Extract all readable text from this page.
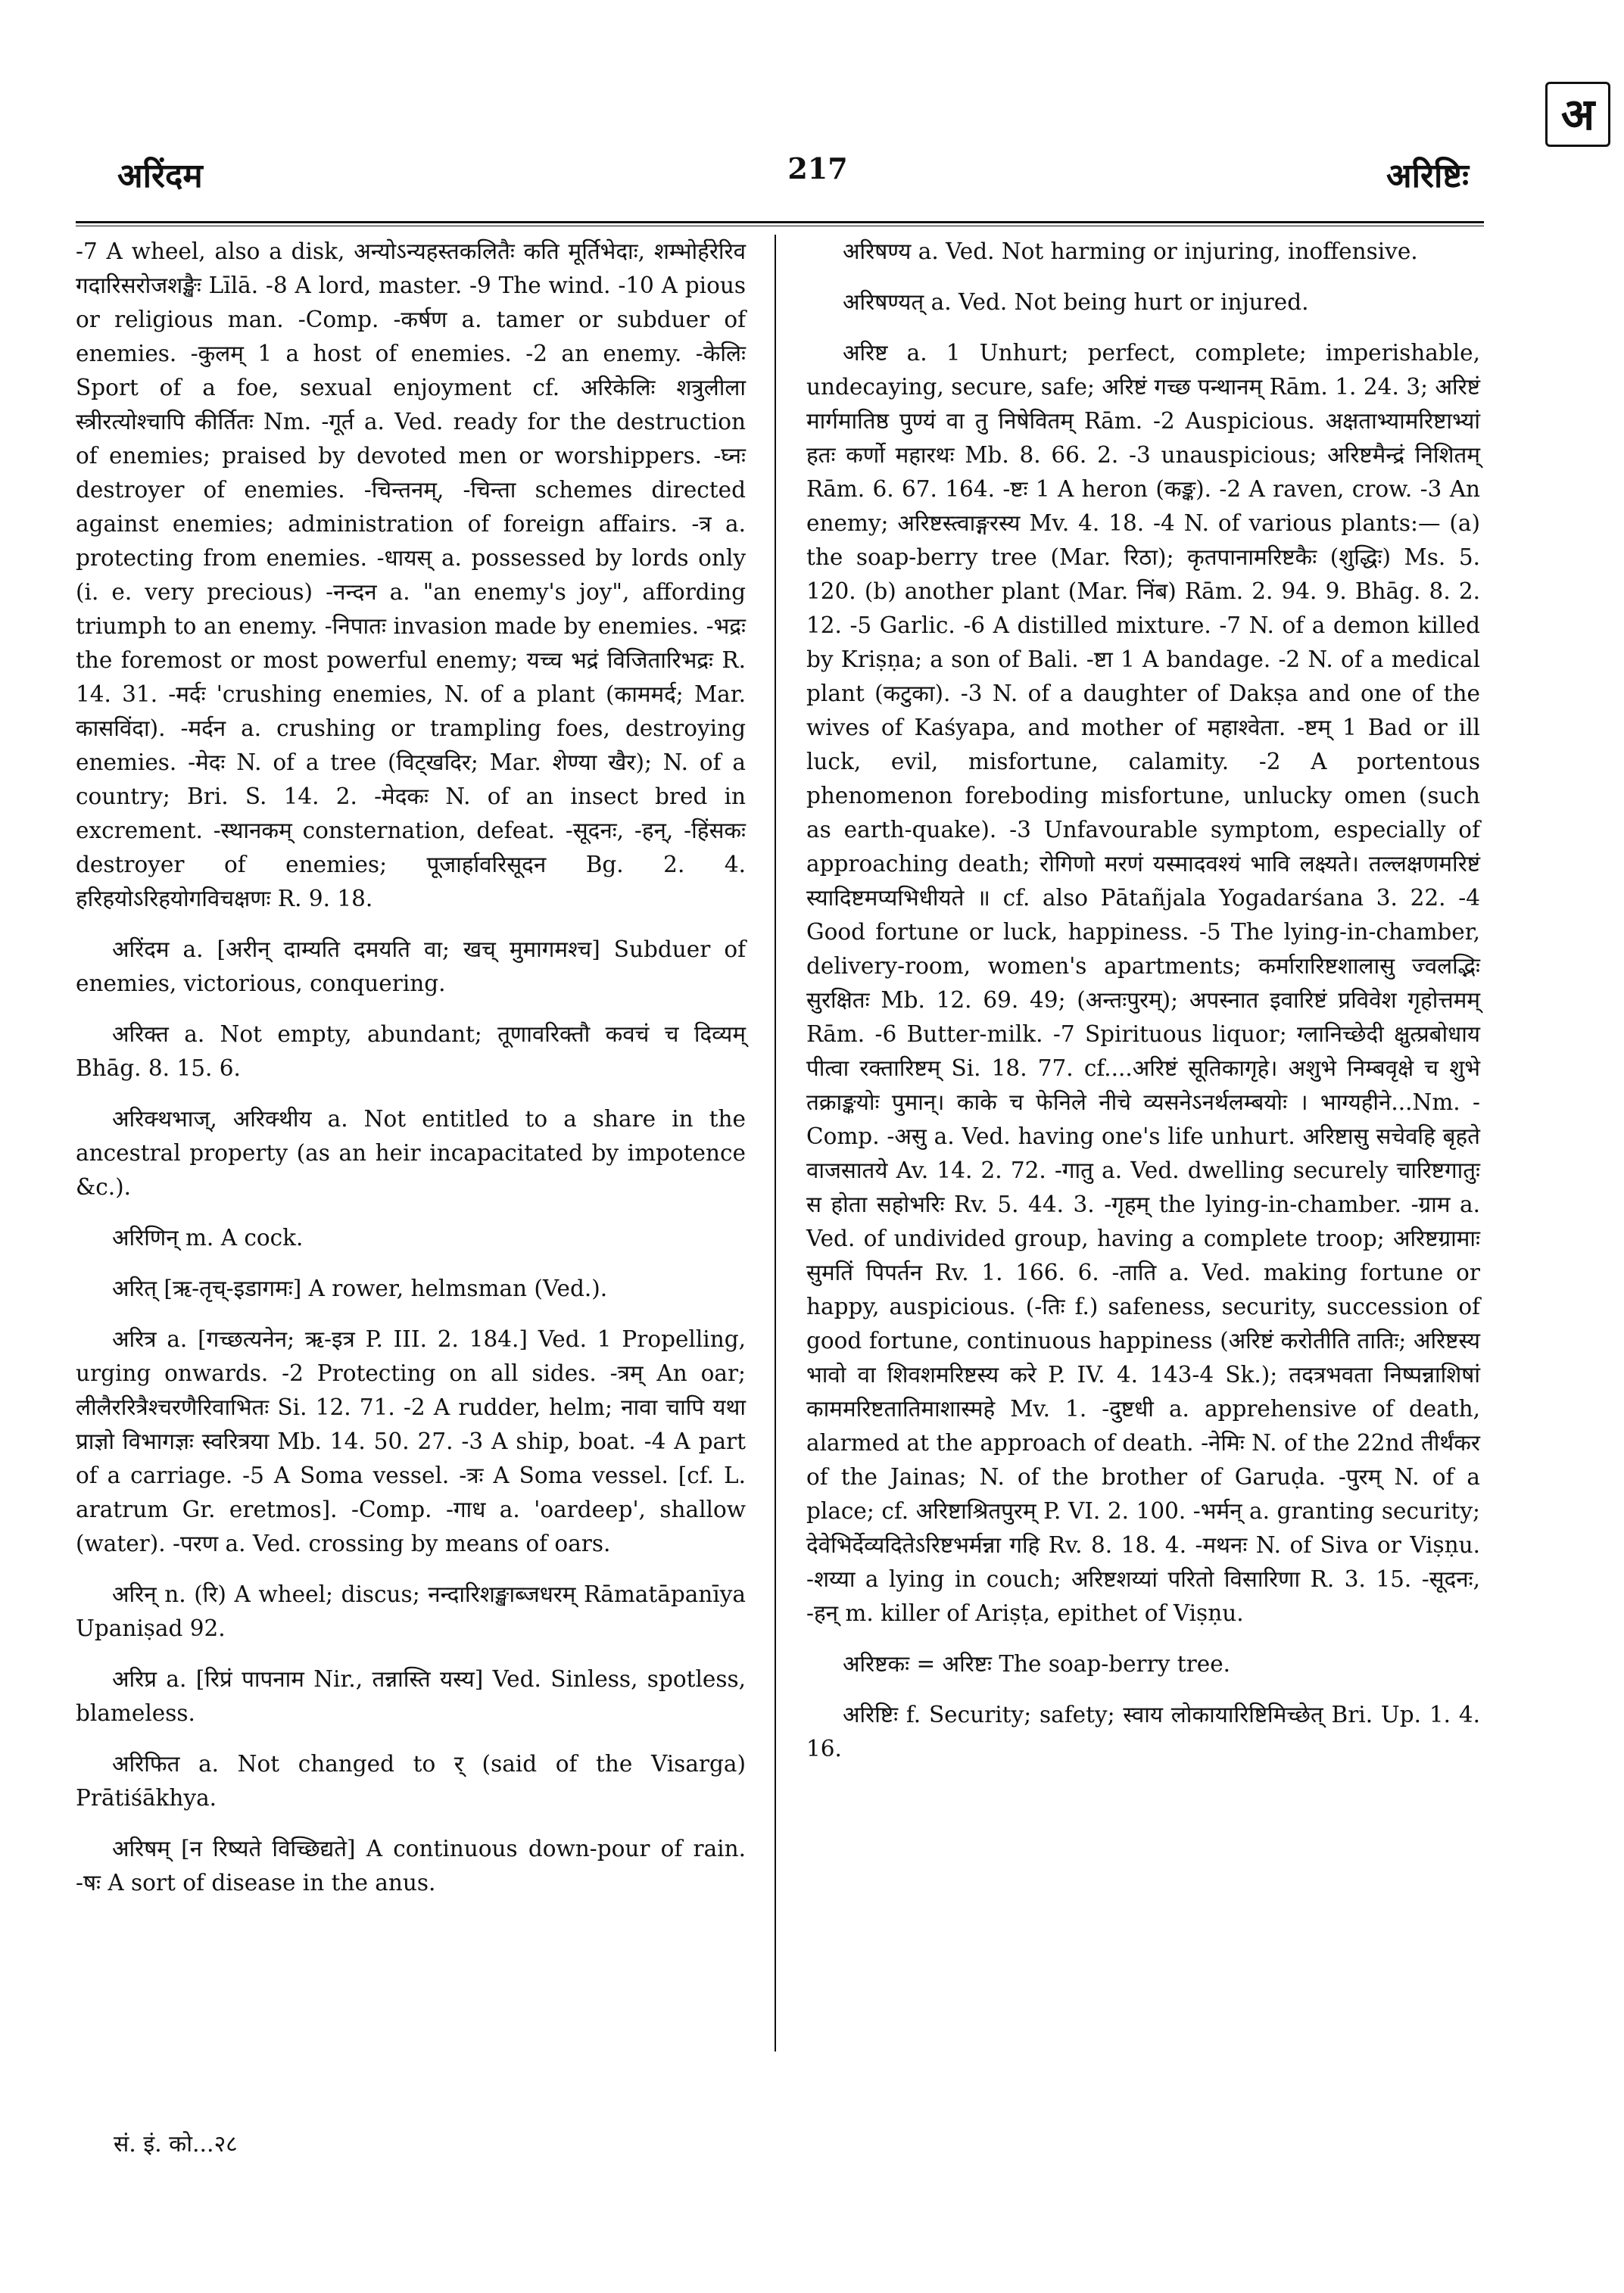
अ
अरिंदम	217	अरिष्टिः

-7 A wheel, also a disk, अन्योऽन्यहस्तकलितैः कति मूर्तिभेदाः, शम्भोर्हरेरिव गदारिसरोजशङ्खैः Līlā. -8 A lord, master. -9 The wind. -10 A pious or religious man. -Comp. -कर्षण a. tamer or subduer of enemies. -कुलम् 1 a host of enemies. -2 an enemy. -केलिः Sport of a foe, sexual enjoyment cf. अरिकेलिः शत्रुलीला स्त्रीरत्योश्चापि कीर्तितः Nm. -गूर्त a. Ved. ready for the destruction of enemies; praised by devoted men or worshippers. -घ्नः destroyer of enemies. -चिन्तनम्, -चिन्ता schemes directed against enemies; administration of foreign affairs. -त्र a. protecting from enemies. -धायस् a. possessed by lords only (i. e. very precious) -नन्दन a. "an enemy's joy", affording triumph to an enemy. -निपातः invasion made by enemies. -भद्रः the foremost or most powerful enemy; यच्च भद्रं विजितारिभद्रः R. 14. 31. -मर्दः 'crushing enemies, N. of a plant (काममर्द; Mar. कासविंदा). -मर्दन a. crushing or trampling foes, destroying enemies. -मेदः N. of a tree (विट्खदिर; Mar. शेण्या खैर); N. of a country; Bri. S. 14. 2. -मेदकः N. of an insect bred in excrement. -स्थानकम् consternation, defeat. -सूदनः, -हन्, -हिंसकः destroyer of enemies; पूजार्हावरिसूदन Bg. 2. 4. हरिहयोऽरिहयोगविचक्षणः R. 9. 18.

अरिंदम a. [अरीन् दाम्यति दमयति वा; खच् मुमागमश्च] Subduer of enemies, victorious, conquering.

अरिक्त a. Not empty, abundant; तूणावरिक्तौ कवचं च दिव्यम् Bhāg. 8. 15. 6.

अरिक्थभाज्, अरिक्थीय a. Not entitled to a share in the ancestral property (as an heir incapacitated by impotence &c.).

अरिणिन् m. A cock.

अरित् [ऋ-तृच्-इडागमः] A rower, helmsman (Ved.).

अरित्र a. [गच्छत्यनेन; ऋ-इत्र P. III. 2. 184.] Ved. 1 Propelling, urging onwards. -2 Protecting on all sides. -त्रम् An oar; लीलैररित्रैश्चरणैरिवाभितः Si. 12. 71. -2 A rudder, helm; नावा चापि यथा प्राज्ञो विभागज्ञः स्वरित्रया Mb. 14. 50. 27. -3 A ship, boat. -4 A part of a carriage. -5 A Soma vessel. -त्रः A Soma vessel. [cf. L. aratrum Gr. eretmos]. -Comp. -गाध a. 'oardeep', shallow (water). -परण a. Ved. crossing by means of oars.

अरिन् n. (रि) A wheel; discus; नन्दारिशङ्खाब्जधरम् Rāmatāpanīya Upaniṣad 92.

अरिप्र a. [रिप्रं पापनाम Nir., तन्नास्ति यस्य] Ved. Sinless, spotless, blameless.

अरिफित a. Not changed to र् (said of the Visarga) Prātiśākhya.

अरिषम् [न रिष्यते विच्छिद्यते] A continuous down-pour of rain. -षः A sort of disease in the anus.

अरिषण्य a. Ved. Not harming or injuring, inoffensive.

अरिषण्यत् a. Ved. Not being hurt or injured.

अरिष्ट a. 1 Unhurt; perfect, complete; imperishable, undecaying, secure, safe; अरिष्टं गच्छ पन्थानम् Rām. 1. 24. 3; अरिष्टं मार्गमातिष्ठ पुण्यं वा तु निषेवितम् Rām. -2 Auspicious. अक्षताभ्यामरिष्टाभ्यां हतः कर्णो महारथः Mb. 8. 66. 2. -3 unauspicious; अरिष्टमैन्द्रं निशितम् Rām. 6. 67. 164. -ष्टः 1 A heron (कङ्क). -2 A raven, crow. -3 An enemy; अरिष्टस्त्वाङ्गरस्य Mv. 4. 18. -4 N. of various plants:— (a) the soap-berry tree (Mar. रिठा); कृतपानामरिष्टकैः (शुद्धिः) Ms. 5. 120. (b) another plant (Mar. निंब) Rām. 2. 94. 9. Bhāg. 8. 2. 12. -5 Garlic. -6 A distilled mixture. -7 N. of a demon killed by Kriṣṇa; a son of Bali. -ष्टा 1 A bandage. -2 N. of a medical plant (कटुका). -3 N. of a daughter of Dakṣa and one of the wives of Kaśyapa, and mother of महाश्वेता. -ष्टम् 1 Bad or ill luck, evil, misfortune, calamity. -2 A portentous phenomenon foreboding misfortune, unlucky omen (such as earth-quake). -3 Unfavourable symptom, especially of approaching death; रोगिणो मरणं यस्मादवश्यं भावि लक्ष्यते। तल्लक्षणमरिष्टं स्यादिष्टमप्यभिधीयते ॥ cf. also Pātañjala Yogadarśana 3. 22. -4 Good fortune or luck, happiness. -5 The lying-in-chamber, delivery-room, women's apartments; कर्मारारिष्टशालासु ज्वलद्भिः सुरक्षितः Mb. 12. 69. 49; (अन्तःपुरम्); अपस्नात इवारिष्टं प्रविवेश गृहोत्तमम् Rām. -6 Butter-milk. -7 Spirituous liquor; ग्लानिच्छेदी क्षुत्प्रबोधाय पीत्वा रक्तारिष्टम् Si. 18. 77. cf....अरिष्टं सूतिकागृहे। अशुभे निम्बवृक्षे च शुभे तक्राङ्कयोः पुमान्। काके च फेनिले नीचे व्यसनेऽनर्थलम्बयोः । भाग्यहीने...Nm. -Comp. -असु a. Ved. having one's life unhurt. अरिष्टासु सचेवहि बृहते वाजसातये Av. 14. 2. 72. -गातु a. Ved. dwelling securely चारिष्टगातुः स होता सहोभरिः Rv. 5. 44. 3. -गृहम् the lying-in-chamber. -ग्राम a. Ved. of undivided group, having a complete troop; अरिष्टग्रामाः सुमतिं पिपर्तन Rv. 1. 166. 6. -ताति a. Ved. making fortune or happy, auspicious. (-तिः f.) safeness, security, succession of good fortune, continuous happiness (अरिष्टं करोतीति तातिः; अरिष्टस्य भावो वा शिवशमरिष्टस्य करे P. IV. 4. 143-4 Sk.); तदत्रभवता निष्पन्नाशिषां काममरिष्टतातिमाशास्महे Mv. 1. -दुष्टधी a. apprehensive of death, alarmed at the approach of death. -नेमिः N. of the 22nd तीर्थंकर of the Jainas; N. of the brother of Garuḍa. -पुरम् N. of a place; cf. अरिष्टाश्रितपुरम् P. VI. 2. 100. -भर्मन् a. granting security; देवेभिर्देव्यदितेऽरिष्टभर्मन्ना गहि Rv. 8. 18. 4. -मथनः N. of Siva or Viṣṇu. -शय्या a lying in couch; अरिष्टशय्यां परितो विसारिणा R. 3. 15. -सूदनः, -हन् m. killer of Ariṣṭa, epithet of Viṣṇu.

अरिष्टकः = अरिष्टः The soap-berry tree.

अरिष्टिः f. Security; safety; स्वाय लोकायारिष्टिमिच्छेत् Bri. Up. 1. 4. 16.

सं. इं. को...२८
